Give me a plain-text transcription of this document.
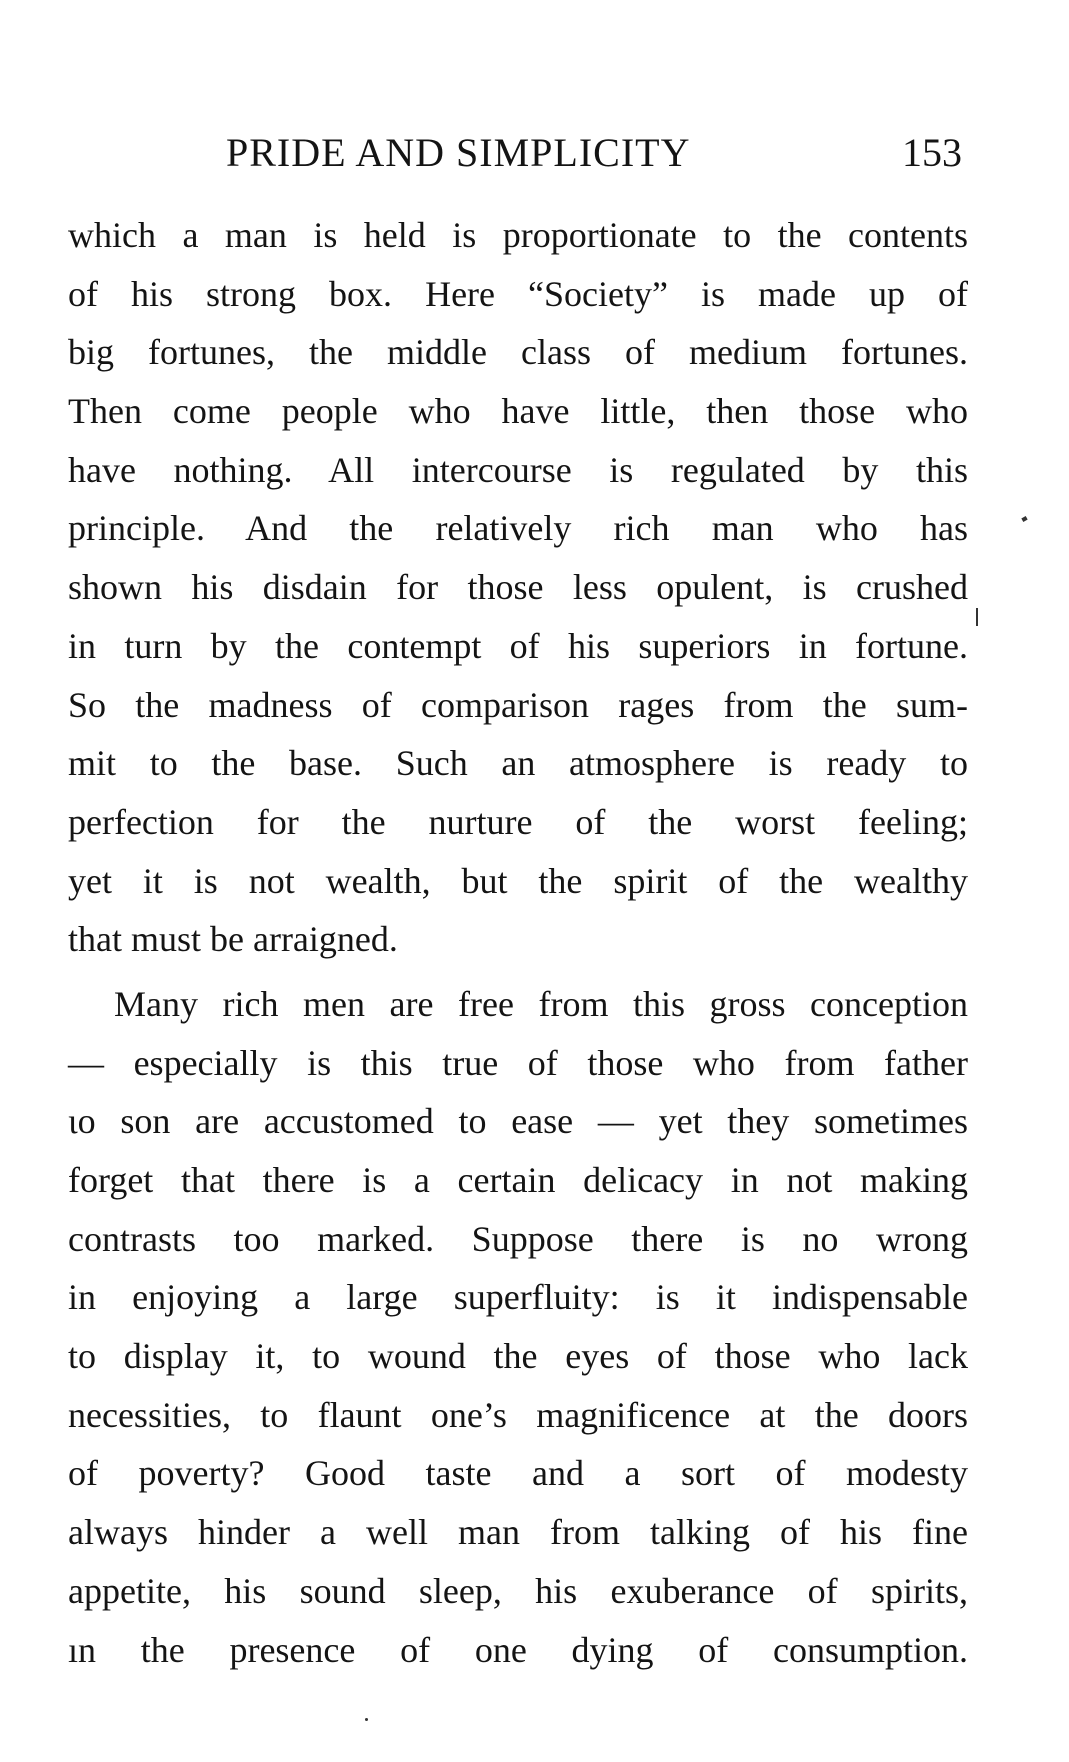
PRIDE AND SIMPLICITY	153
which a man is held is proportionate to the contents
of his strong box. Here “Society” is made up of
big fortunes, the middle class of medium fortunes.
Then come people who have little, then those who
have nothing. All intercourse is regulated by this
principle. And the relatively rich man who has
shown his disdain for those less opulent, is crushed
in turn by the contempt of his superiors in fortune.
So the madness of comparison rages from the sum-
mit to the base. Such an atmosphere is ready to
perfection for the nurture of the worst feeling;
yet it is not wealth, but the spirit of the wealthy
that must be arraigned.
Many rich men are free from this gross conception
— especially is this true of those who from father
ιo son are accustomed to ease — yet they sometimes
forget that there is a certain delicacy in not making
contrasts too marked. Suppose there is no wrong
in enjoying a large superfluity: is it indispensable
to display it, to wound the eyes of those who lack
necessities, to flaunt one’s magnificence at the doors
of poverty? Good taste and a sort of modesty
always hinder a well man from talking of his fine
appetite, his sound sleep, his exuberance of spirits,
ın the presence of one dying of consumption.
